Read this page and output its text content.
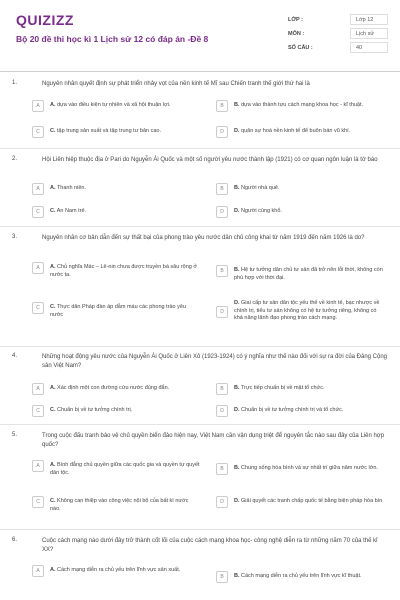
QUIZIZZ
Bộ 20 đề thi học kì 1 Lịch sử 12 có đáp án -Đề 8
LỚP :	Lớp 12
MÔN :	Lịch sử
SỐ CÂU :	40
1.	Nguyên nhân quyết định sự phát triển nhảy vọt của nền kinh tế Mĩ sau Chiến tranh thế giới thứ hai là
A	A. dựa vào điều kiện tự nhiên và xã hội thuận lợi.	B	B. dựa vào thành tựu cách mạng khoa học - kĩ thuật.
C	C. tập trung sản xuất và tập trung tư bản cao.	D	D. quân sự hoá nền kinh tế để buôn bán vũ khí.
2.	Hội Liên hiệp thuộc địa ở Pari do Nguyễn Ái Quốc và một số người yêu nước thành lập (1921) có cơ quan ngôn luận là tờ báo
A	A. Thanh niên.	B	B. Người nhà quê.
C	C. An Nam trẻ.	D	D. Người cùng khổ.
3.	Nguyên nhân cơ bản dẫn đến sự thất bại của phong trào yêu nước dân chủ công khai từ năm 1919 đến năm 1926 là do?
A	A. Chủ nghĩa Mác – Lê-nin chưa được truyền bá sâu rộng ở nước ta.
B	B. Hệ tư tưởng dân chủ tư sản đã trở nên lỗi thời, không còn phù hợp với thời đại.
C	C. Thực dân Pháp đàn áp dẫm máu các phong trào yêu nước	D
D. Giai cấp tư sản dân tộc yếu thế về kinh tế, bạc nhược về chính trị, tiểu tư sản không có hệ tư tưởng riêng, không có khả năng lãnh đạo phong trào cách mạng.
4.	Những hoạt động yêu nước của Nguyễn Ái Quốc ở Liên Xô (1923-1924) có ý nghĩa như thế nào đối với sự ra đời của Đảng Cộng sản Việt Nam?
A	A. Xác định một con đường cứu nước đúng đắn.	B	B. Trực tiếp chuẩn bị về mặt tổ chức.
C	C. Chuẩn bị về tư tưởng chính trị.	D	D. Chuẩn bị về tư tưởng chính trị và tổ chức.
5.	Trong cuộc đấu tranh bảo vệ chủ quyền biển đảo hiện nay, Việt Nam cần vận dụng triệt để nguyên tắc nào sau đây của Liên hợp quốc?
A	A. Bình đẳng chủ quyền giữa các quốc gia và quyền tự quyết dân tộc.
B	B. Chung sống hòa bình và sự nhất trí giữa năm nước lớn.
C	C. Không can thiệp vào công việc nội bộ của bất kì nước nào.
D	D. Giải quyết các tranh chấp quốc tế bằng biện pháp hòa bìn
6.	Cuộc cách mạng nào dưới đây trở thành cốt lõi của cuộc cách mạng khoa học- công nghệ diễn ra từ những năm 70 của thế kỉ XX?
A	A. Cách mạng diễn ra chủ yếu trên lĩnh vực sản xuất.
B	B. Cách mạng diễn ra chủ yếu trên lĩnh vực kĩ thuật.
